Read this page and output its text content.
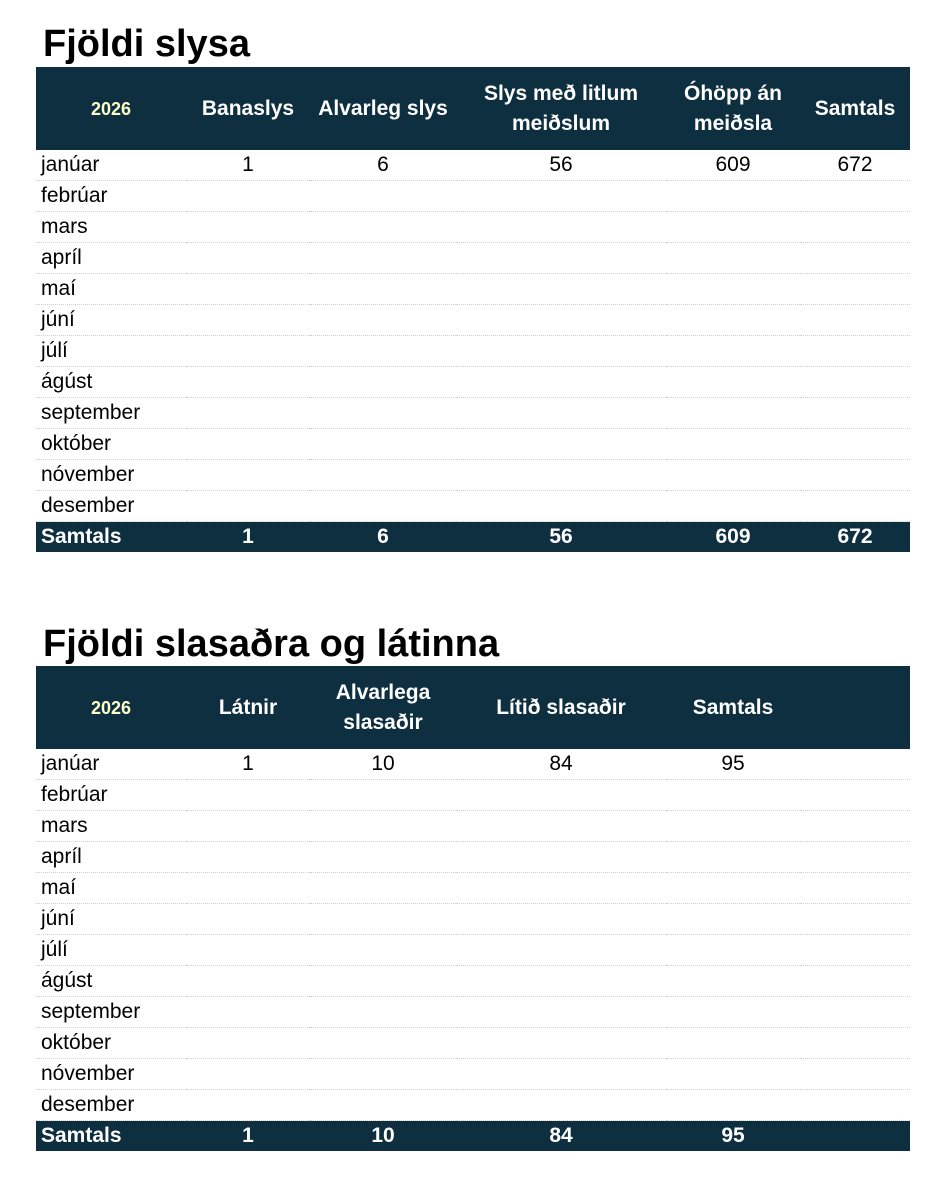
Fjöldi slysa
2026	Banaslys	Alvarleg slys	Slys með litlum meiðslum	Óhöpp án meiðsla	Samtals
janúar	1	6	56	609	672
febrúar					
mars					
apríl					
maí					
júní					
júlí					
ágúst					
september					
október					
nóvember					
desember					
Samtals	1	6	56	609	672
Fjöldi slasaðra og látinna
2026	Látnir	Alvarlega slasaðir	Lítið slasaðir	Samtals	
janúar	1	10	84	95	
febrúar					
mars					
apríl					
maí					
júní					
júlí					
ágúst					
september					
október					
nóvember					
desember					
Samtals	1	10	84	95	
